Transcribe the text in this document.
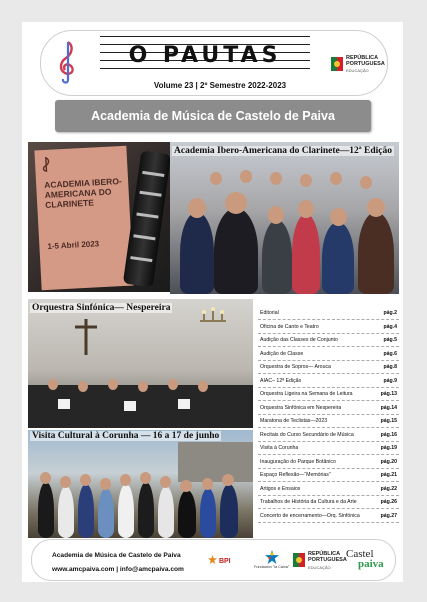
O PAUTAS	REPÚBLICA
PORTUGUESA
EDUCAÇÃO
Volume 23 | 2º Semestre 2022-2023
Academia de Música de Castelo de Paiva
ACADEMIA IBERO-AMERICANA DO CLARINETE
1-5 Abril 2023
Academia Ibero-Americana do Clarinete—12ª Edição
Orquestra Sinfónica— Nespereira
Visita Cultural à Corunha — 16 a 17 de junho
Editorial	pág.2
Oficina de Canto e Teatro	pág.4
Audição das Classes de Conjunto	pág.5
Audição de Classe	pág.6
Orquestra de Sopros— Arouca	pág.8
AIAC– 12ª Edição	pág.9
Orquestra Ligeira na Semana de Leitura	pág.13
Orquestra Sinfónica em Nespereira	pág.14
Maratona de Teclistas—2023	pág.15
Recitais do Curso Secundário de Música	pág.16
Visita à Corunha	pág.19
Inauguração do Parque Botânico	pág.20
Espaço Reflexão—“Memórias”	pág.21
Artigos e Ensaios	pág.22
Trabalhos de História da Cultura e da Arte	pág.26
Concerto de encerramento—Orq. Sinfónica	pág.27
Academia de Música de Castelo de Paiva
www.amcpaiva.com | info@amcpaiva.com
BPI
Fundación "la Caixa"
REPÚBLICA
PORTUGUESA
EDUCAÇÃO
Castel
paiva
